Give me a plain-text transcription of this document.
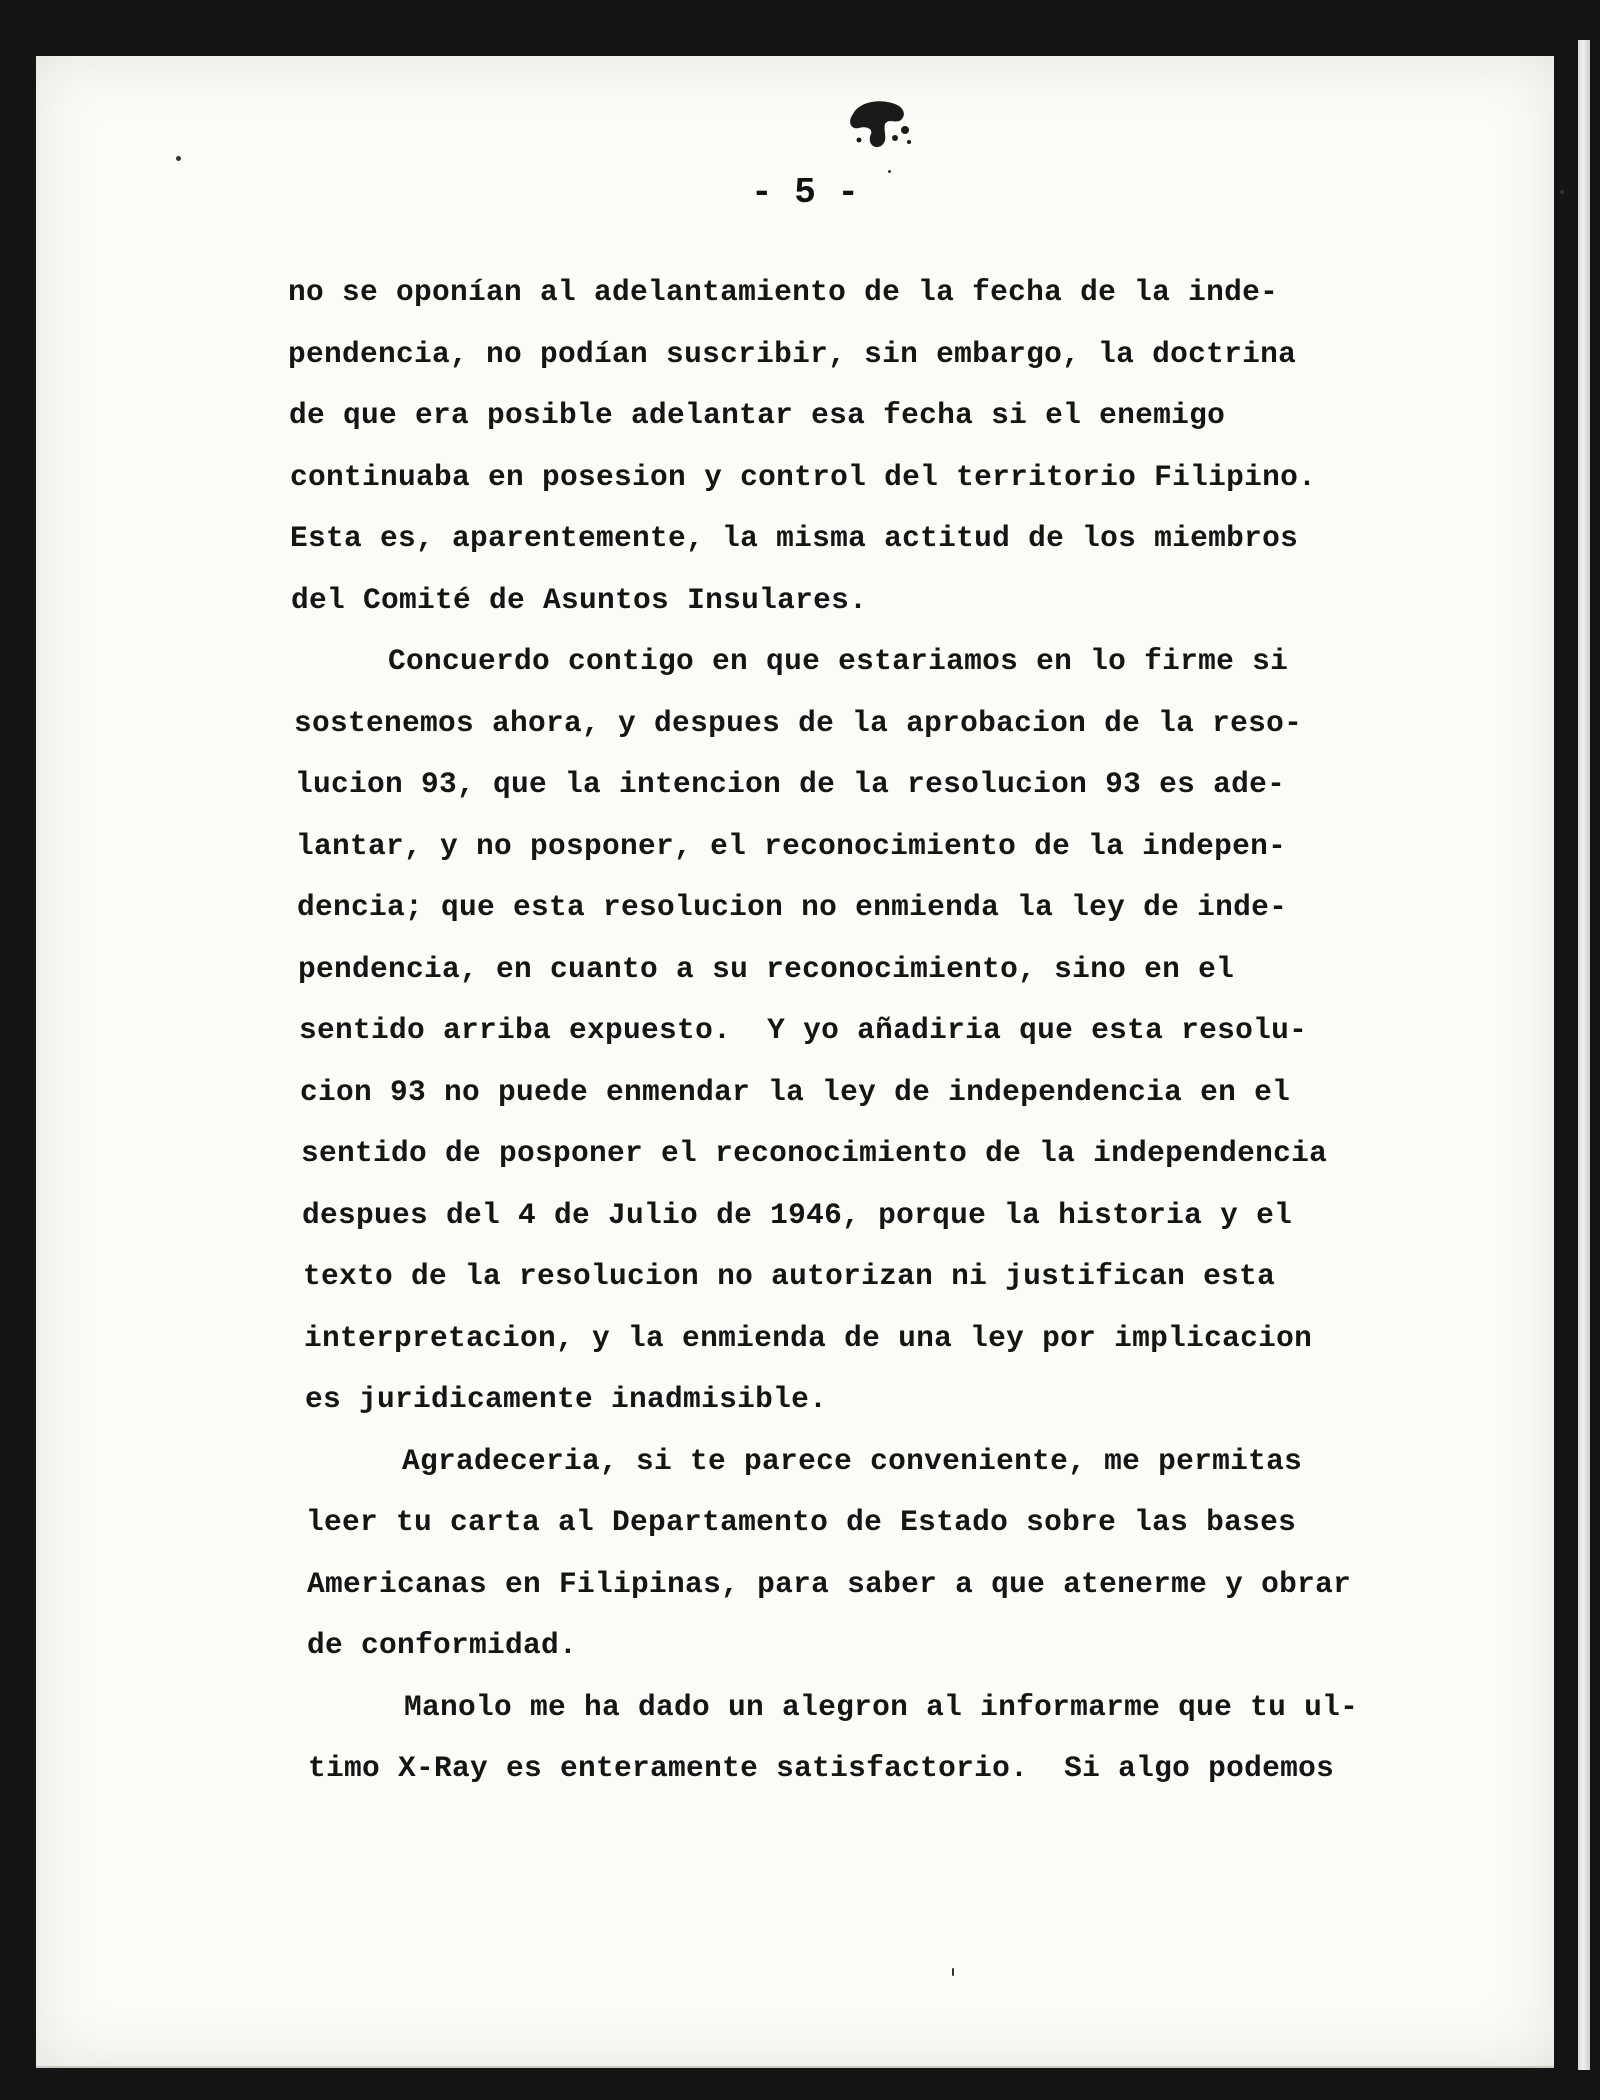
- 5 -
no se oponían al adelantamiento de la fecha de la inde-
pendencia, no podían suscribir, sin embargo, la doctrina
de que era posible adelantar esa fecha si el enemigo
continuaba en posesion y control del territorio Filipino.
Esta es, aparentemente, la misma actitud de los miembros
del Comité de Asuntos Insulares.
Concuerdo contigo en que estariamos en lo firme si
sostenemos ahora, y despues de la aprobacion de la reso-
lucion 93, que la intencion de la resolucion 93 es ade-
lantar, y no posponer, el reconocimiento de la indepen-
dencia; que esta resolucion no enmienda la ley de inde-
pendencia, en cuanto a su reconocimiento, sino en el
sentido arriba expuesto.  Y yo añadiria que esta resolu-
cion 93 no puede enmendar la ley de independencia en el
sentido de posponer el reconocimiento de la independencia
despues del 4 de Julio de 1946, porque la historia y el
texto de la resolucion no autorizan ni justifican esta
interpretacion, y la enmienda de una ley por implicacion
es juridicamente inadmisible.
Agradeceria, si te parece conveniente, me permitas
leer tu carta al Departamento de Estado sobre las bases
Americanas en Filipinas, para saber a que atenerme y obrar
de conformidad.
Manolo me ha dado un alegron al informarme que tu ul-
timo X-Ray es enteramente satisfactorio.  Si algo podemos
